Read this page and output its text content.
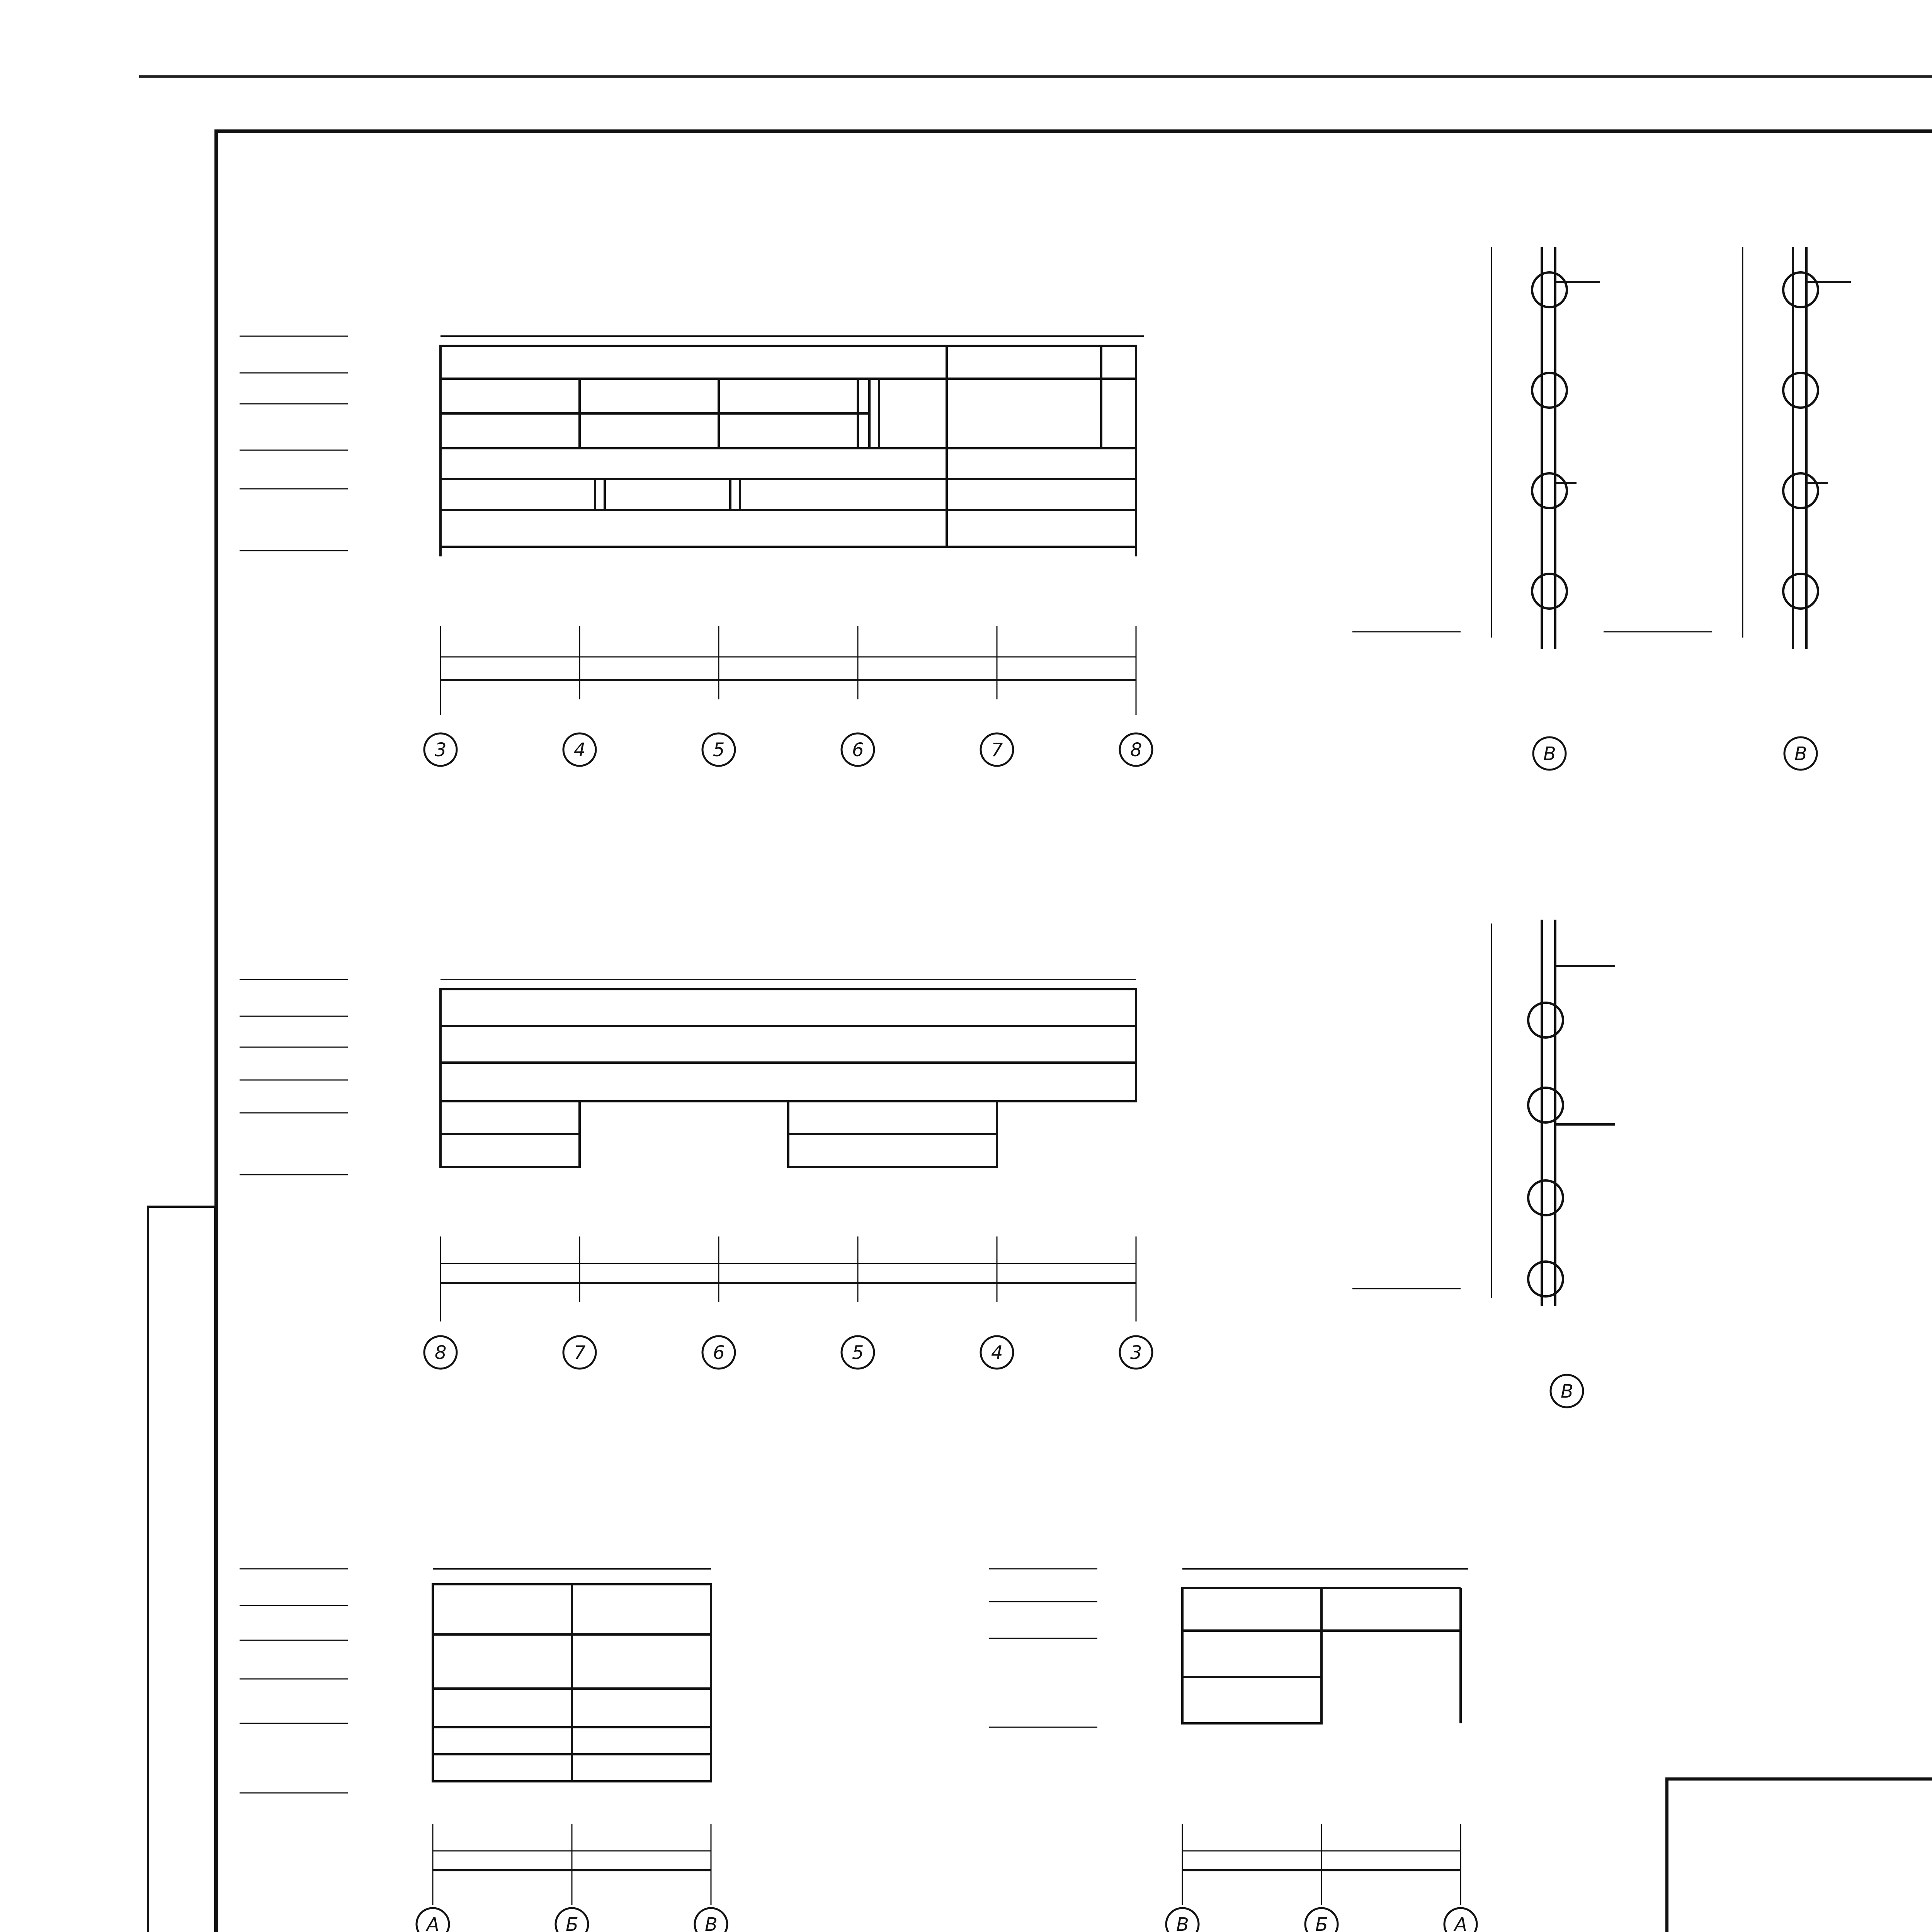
3	4	5	6	7	8
8	7	6	5	4	3
А	Б	В	В	Б	А
В	В
В
